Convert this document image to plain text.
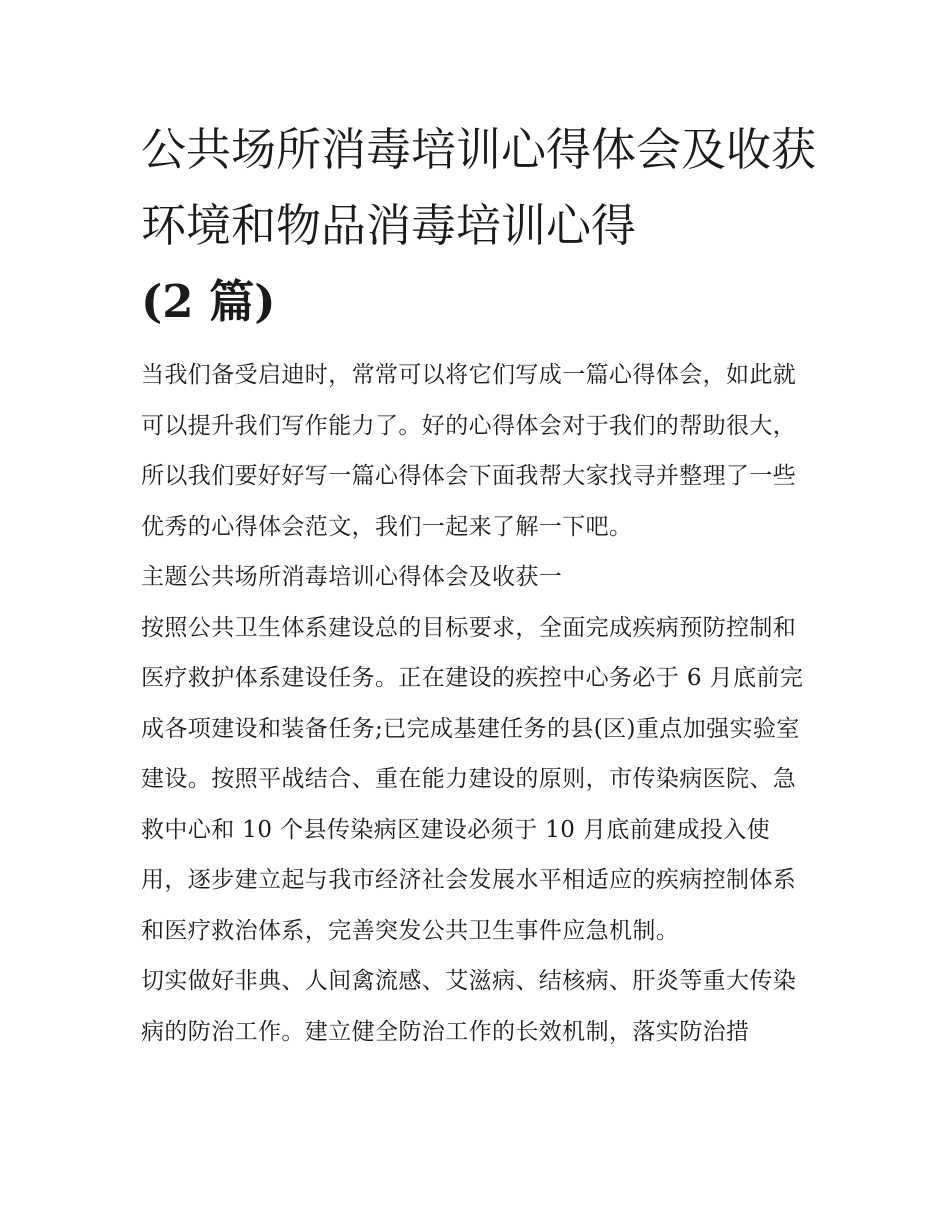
公共场所消毒培训心得体会及收获 环境和物品消毒培训心得
(2 篇)

当我们备受启迪时，常常可以将它们写成一篇心得体会，如此就可以提升我们写作能力了。好的心得体会对于我们的帮助很大，所以我们要好好写一篇心得体会下面我帮大家找寻并整理了一些优秀的心得体会范文，我们一起来了解一下吧。

主题公共场所消毒培训心得体会及收获一

按照公共卫生体系建设总的目标要求，全面完成疾病预防控制和医疗救护体系建设任务。正在建设的疾控中心务必于 6 月底前完成各项建设和装备任务;已完成基建任务的县(区)重点加强实验室建设。按照平战结合、重在能力建设的原则，市传染病医院、急救中心和 10 个县传染病区建设必须于 10 月底前建成投入使用，逐步建立起与我市经济社会发展水平相适应的疾病控制体系和医疗救治体系，完善突发公共卫生事件应急机制。

切实做好非典、人间禽流感、艾滋病、结核病、肝炎等重大传染病的防治工作。建立健全防治工作的长效机制，落实防治措
